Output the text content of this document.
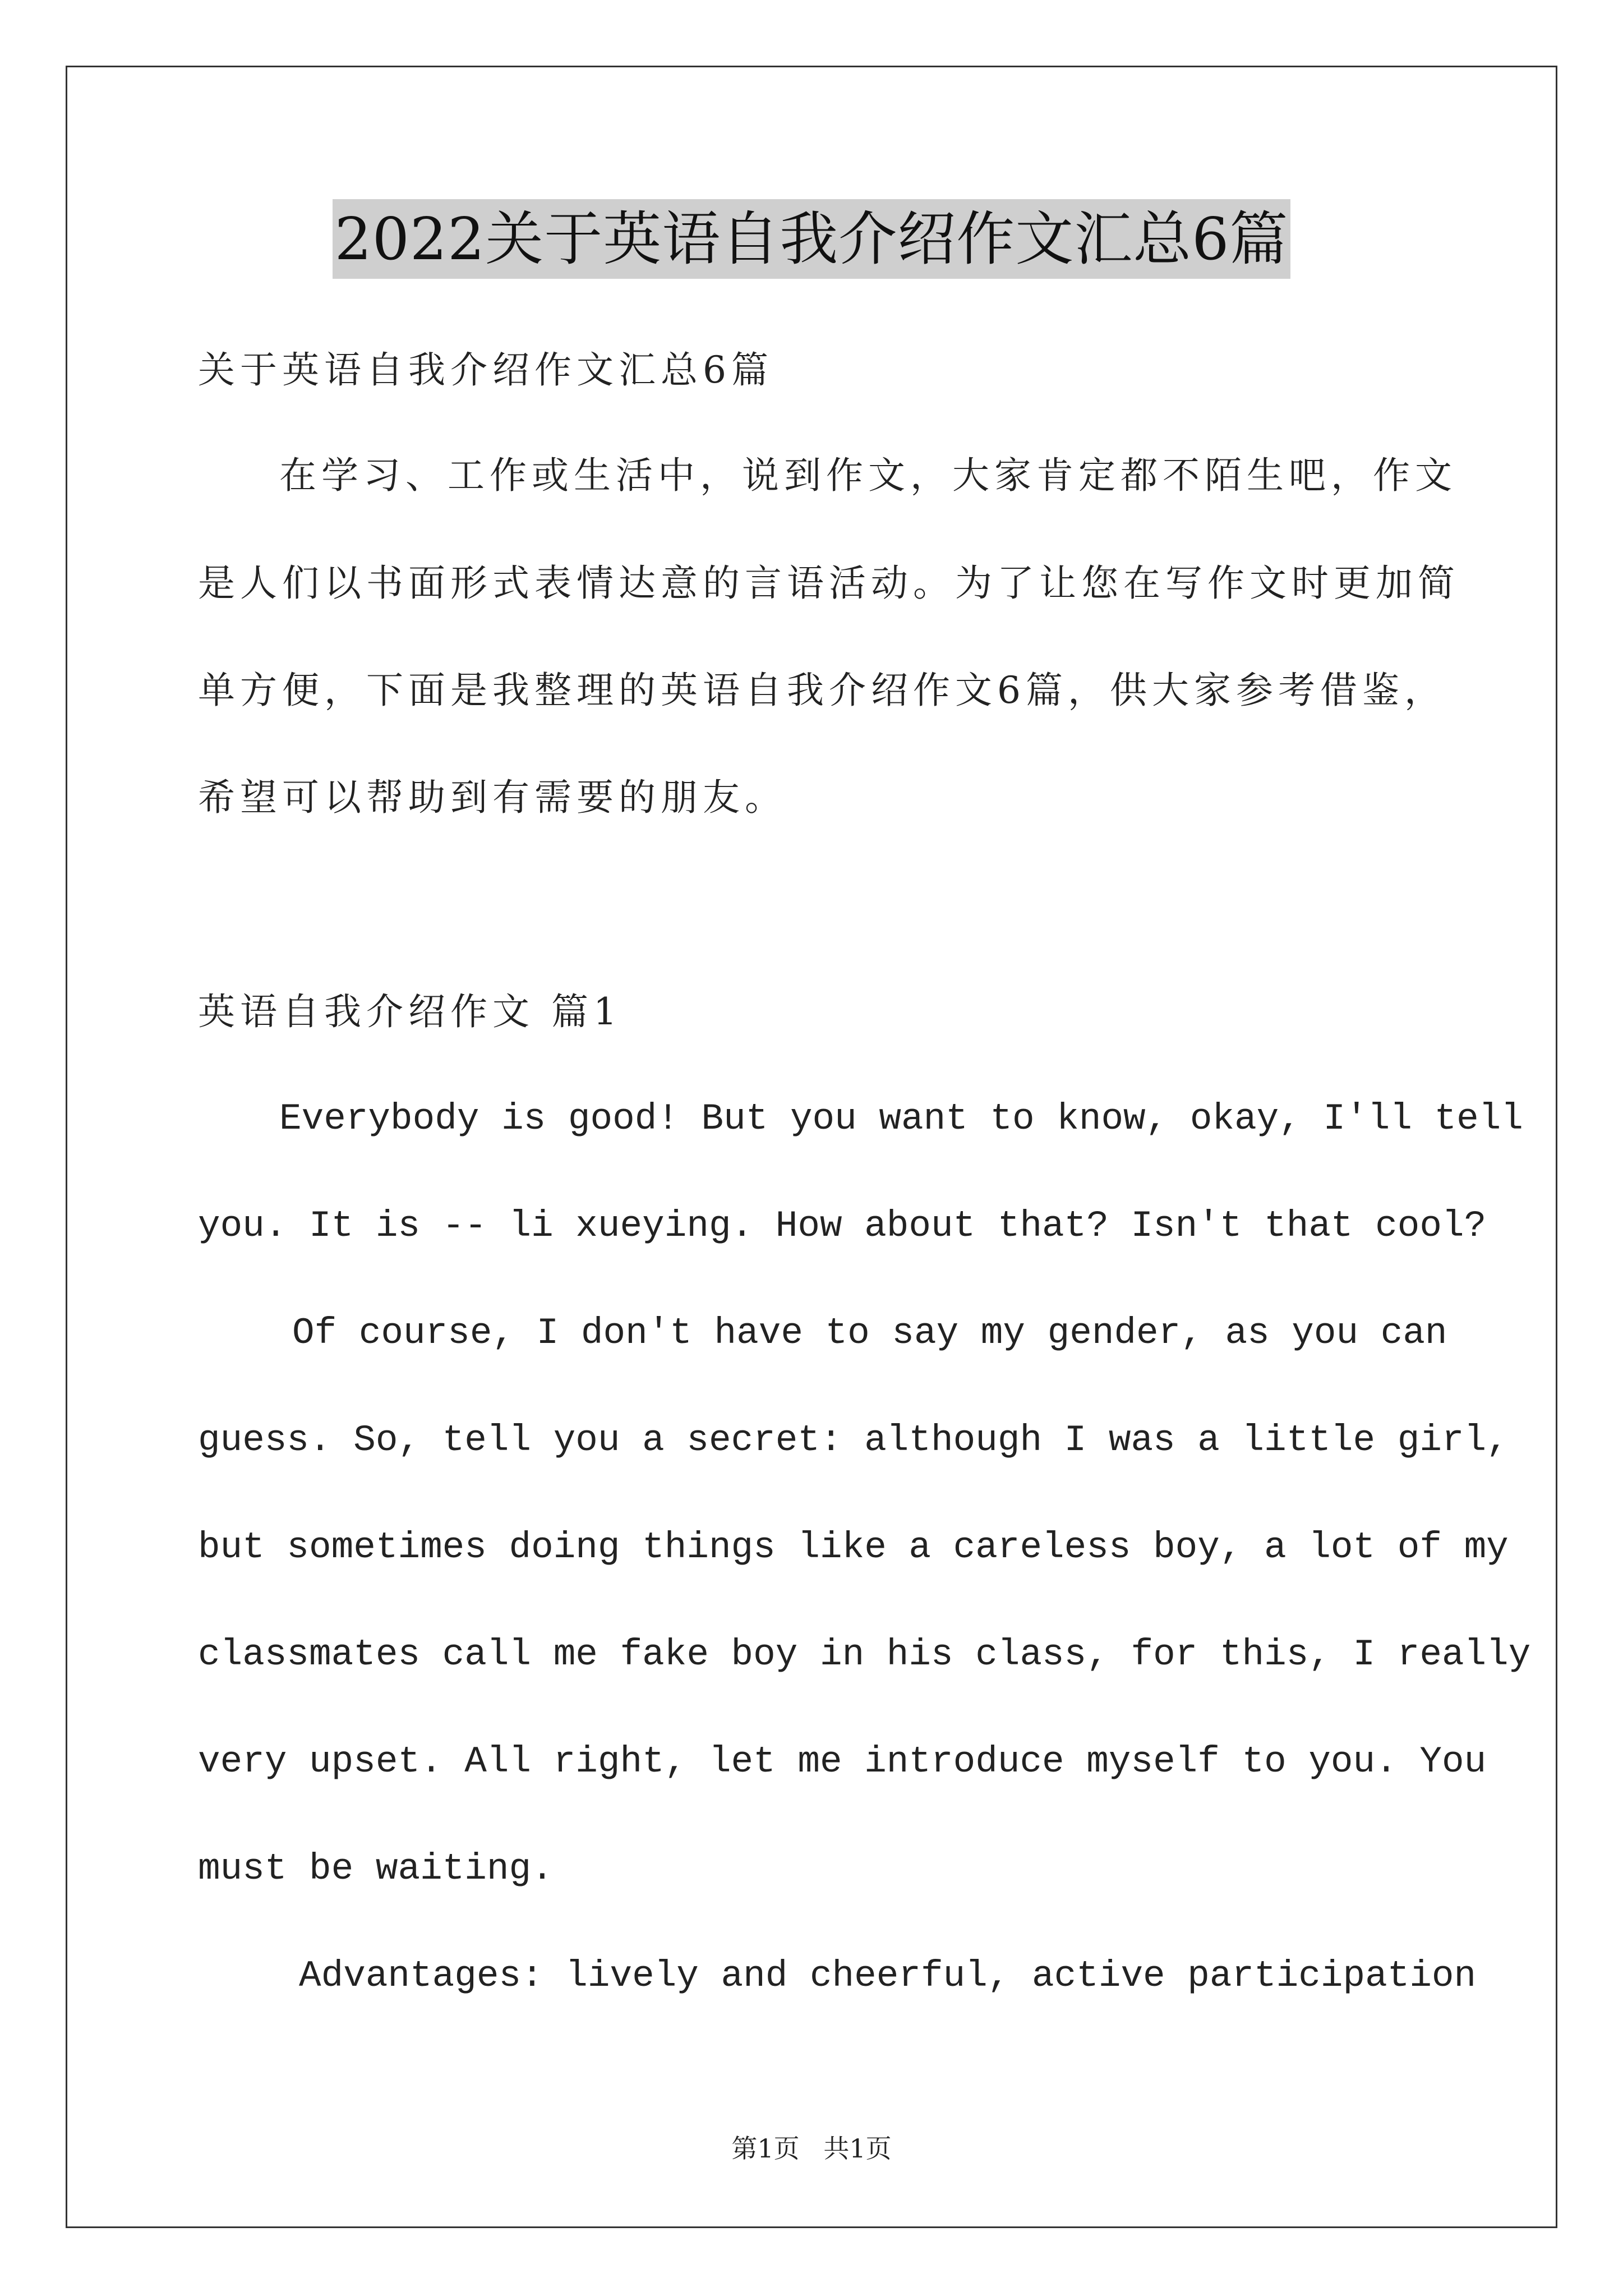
2022关于英语自我介绍作文汇总6篇
关于英语自我介绍作文汇总6篇
在学习、工作或生活中，说到作文，大家肯定都不陌生吧，作文
是人们以书面形式表情达意的言语活动。为了让您在写作文时更加简
单方便，下面是我整理的英语自我介绍作文6篇，供大家参考借鉴，
希望可以帮助到有需要的朋友。
英语自我介绍作文 篇1
Everybody is good! But you want to know, okay, I'll tell
you. It is -- li xueying. How about that? Isn't that cool?
Of course, I don't have to say my gender, as you can
guess. So, tell you a secret: although I was a little girl,
but sometimes doing things like a careless boy, a lot of my
classmates call me fake boy in his class, for this, I really
very upset. All right, let me introduce myself to you. You
must be waiting.
Advantages: lively and cheerful, active participation
第1页 共1页
